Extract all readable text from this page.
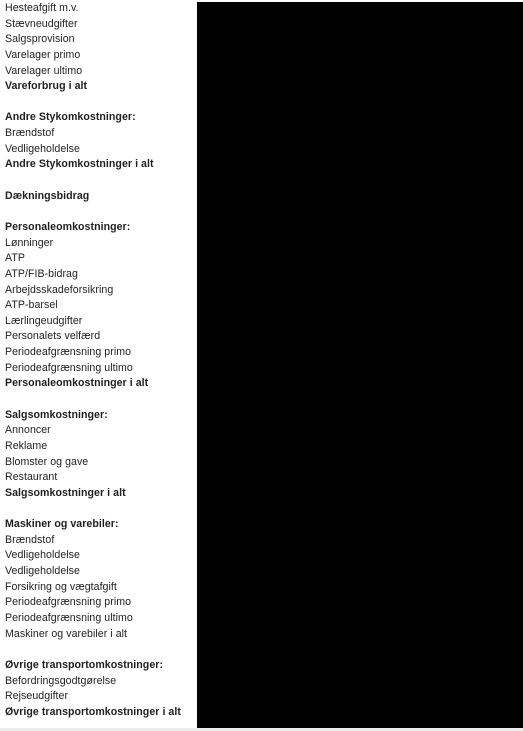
Hesteafgift m.v.
Stævneudgifter
Salgsprovision
Varelager primo
Varelager ultimo
Vareforbrug i alt
Andre Stykomkostninger:
Brændstof
Vedligeholdelse
Andre Stykomkostninger i alt
Dækningsbidrag
Personaleomkostninger:
Lønninger
ATP
ATP/FIB-bidrag
Arbejdsskadeforsikring
ATP-barsel
Lærlingeudgifter
Personalets velfærd
Periodeafgrænsning primo
Periodeafgrænsning ultimo
Personaleomkostninger i alt
Salgsomkostninger:
Annoncer
Reklame
Blomster og gave
Restaurant
Salgsomkostninger i alt
Maskiner og varebiler:
Brændstof
Vedligeholdelse
Vedligeholdelse
Forsikring og vægtafgift
Periodeafgrænsning primo
Periodeafgrænsning ultimo
Maskiner og varebiler i alt
Øvrige transportomkostninger:
Befordringsgodtgørelse
Rejseudgifter
Øvrige transportomkostninger i alt
